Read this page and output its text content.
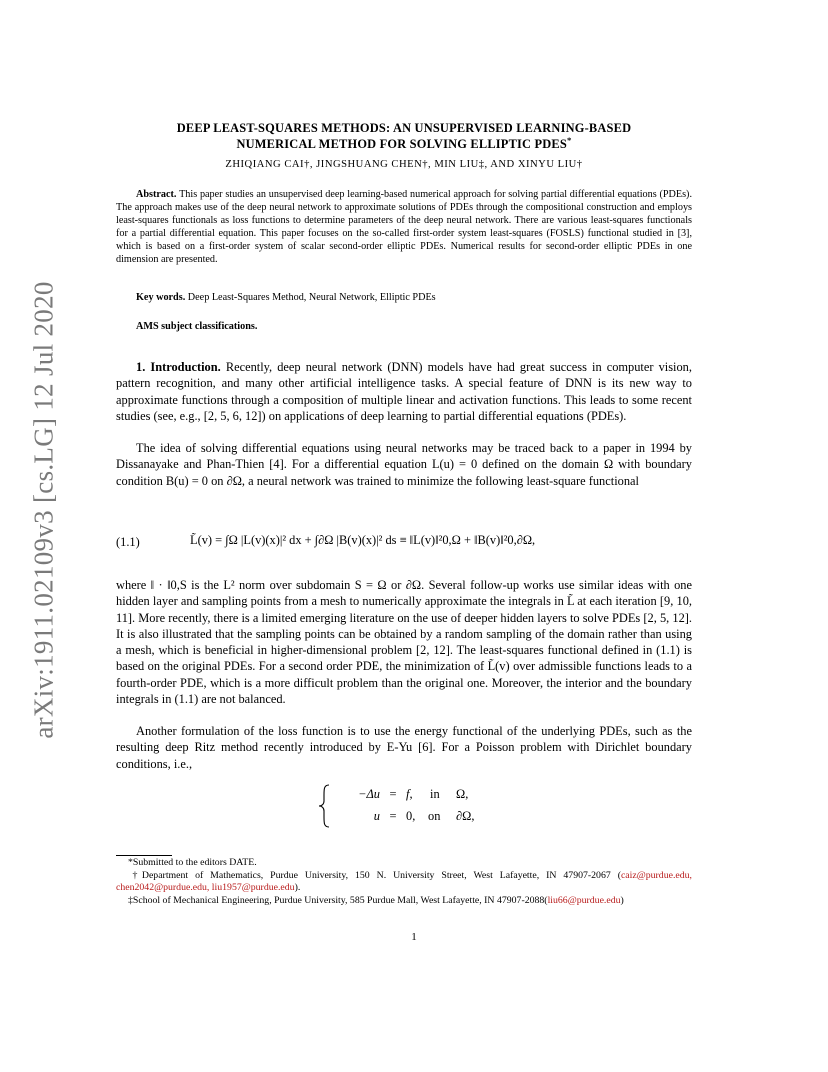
arXiv:1911.02109v3 [cs.LG] 12 Jul 2020
DEEP LEAST-SQUARES METHODS: AN UNSUPERVISED LEARNING-BASED
NUMERICAL METHOD FOR SOLVING ELLIPTIC PDES*
ZHIQIANG CAI†, JINGSHUANG CHEN†, MIN LIU‡, AND XINYU LIU†
Abstract. This paper studies an unsupervised deep learning-based numerical approach for solving partial differential equations (PDEs). The approach makes use of the deep neural network to approximate solutions of PDEs through the compositional construction and employs least-squares functionals as loss functions to determine parameters of the deep neural network. There are various least-squares functionals for a partial differential equation. This paper focuses on the so-called first-order system least-squares (FOSLS) functional studied in [3], which is based on a first-order system of scalar second-order elliptic PDEs. Numerical results for second-order elliptic PDEs in one dimension are presented.
Key words. Deep Least-Squares Method, Neural Network, Elliptic PDEs
AMS subject classifications.
1. Introduction. Recently, deep neural network (DNN) models have had great success in computer vision, pattern recognition, and many other artificial intelligence tasks. A special feature of DNN is its new way to approximate functions through a composition of multiple linear and activation functions. This leads to some recent studies (see, e.g., [2, 5, 6, 12]) on applications of deep learning to partial differential equations (PDEs).
The idea of solving differential equations using neural networks may be traced back to a paper in 1994 by Dissanayake and Phan-Thien [4]. For a differential equation L(u) = 0 defined on the domain Ω with boundary condition B(u) = 0 on ∂Ω, a neural network was trained to minimize the following least-square functional
(1.1)	L̃(v) = ∫Ω |L(v)(x)|² dx + ∫∂Ω |B(v)(x)|² ds ≡ ‖L(v)‖²0,Ω + ‖B(v)‖²0,∂Ω,
where ‖ · ‖0,S is the L² norm over subdomain S = Ω or ∂Ω. Several follow-up works use similar ideas with one hidden layer and sampling points from a mesh to numerically approximate the integrals in L̃ at each iteration [9, 10, 11]. More recently, there is a limited emerging literature on the use of deeper hidden layers to solve PDEs [2, 5, 12]. It is also illustrated that the sampling points can be obtained by a random sampling of the domain rather than using a mesh, which is beneficial in higher-dimensional problem [2, 12]. The least-squares functional defined in (1.1) is based on the original PDEs. For a second order PDE, the minimization of L̃(v) over admissible functions leads to a fourth-order PDE, which is a more difficult problem than the original one. Moreover, the interior and the boundary integrals in (1.1) are not balanced.
Another formulation of the loss function is to use the energy functional of the underlying PDEs, such as the resulting deep Ritz method recently introduced by E-Yu [6]. For a Poisson problem with Dirichlet boundary conditions, i.e.,
−Δu = f,	in	Ω,
u = 0,	on	∂Ω,
*Submitted to the editors DATE.
†Department of Mathematics, Purdue University, 150 N. University Street, West Lafayette, IN 47907-2067 (caiz@purdue.edu, chen2042@purdue.edu, liu1957@purdue.edu).
‡School of Mechanical Engineering, Purdue University, 585 Purdue Mall, West Lafayette, IN 47907-2088(liu66@purdue.edu)
1
